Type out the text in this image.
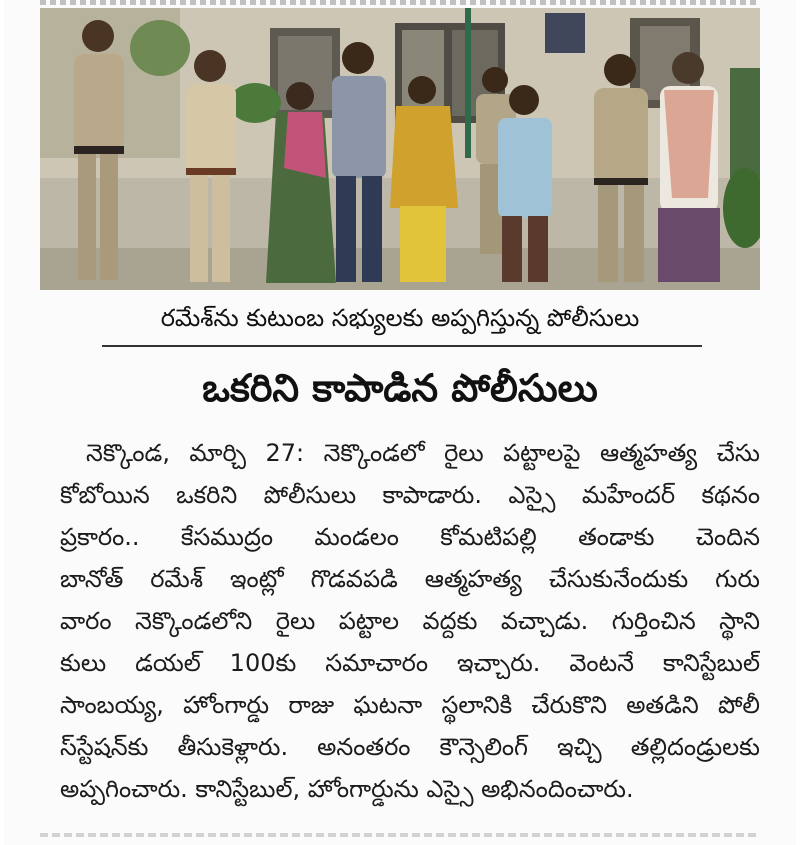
రమేశ్‌ను కుటుంబ సభ్యులకు అప్పగిస్తున్న పోలీసులు
ఒకరిని కాపాడిన పోలీసులు
నెక్కొండ, మార్చి 27: నెక్కొండలో రైలు పట్టాలపై ఆత్మహత్య చేసు
కోబోయిన ఒకరిని పోలీసులు కాపాడారు. ఎస్సై మహేందర్ కథనం
ప్రకారం.. కేసముద్రం మండలం కోమటిపల్లి తండాకు చెందిన
బానోత్ రమేశ్ ఇంట్లో గొడవపడి ఆత్మహత్య చేసుకునేందుకు గురు
వారం నెక్కొండలోని రైలు పట్టాల వద్దకు వచ్చాడు. గుర్తించిన స్థాని
కులు డయల్ 100కు సమాచారం ఇచ్చారు. వెంటనే కానిస్టేబుల్
సాంబయ్య, హోంగార్డు రాజు ఘటనా స్థలానికి చేరుకొని అతడిని పోలీ
స్‌స్టేషన్‌కు తీసుకెళ్లారు. అనంతరం కౌన్సెలింగ్ ఇచ్చి తల్లిదండ్రులకు
అప్పగించారు. కానిస్టేబుల్, హోంగార్డును ఎస్సై అభినందించారు.
